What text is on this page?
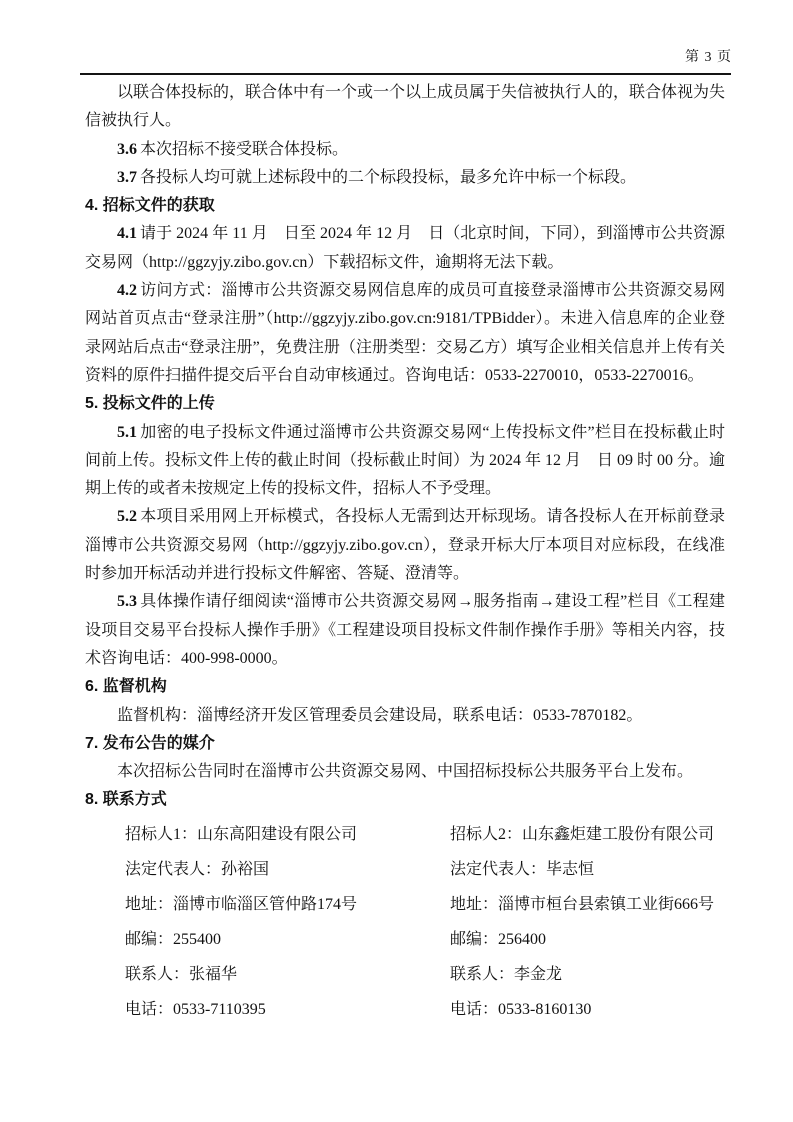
第 3 页

以联合体投标的，联合体中有一个或一个以上成员属于失信被执行人的，联合体视为失信被执行人。

3.6 本次招标不接受联合体投标。

3.7 各投标人均可就上述标段中的二个标段投标，最多允许中标一个标段。

4. 招标文件的获取

4.1 请于 2024 年 11 月　日至 2024 年 12 月　日（北京时间，下同），到淄博市公共资源交易网（http://ggzyjy.zibo.gov.cn）下载招标文件，逾期将无法下载。

4.2 访问方式：淄博市公共资源交易网信息库的成员可直接登录淄博市公共资源交易网网站首页点击“登录注册”（http://ggzyjy.zibo.gov.cn:9181/TPBidder）。未进入信息库的企业登录网站后点击“登录注册”，免费注册（注册类型：交易乙方）填写企业相关信息并上传有关资料的原件扫描件提交后平台自动审核通过。咨询电话：0533-2270010，0533-2270016。

5. 投标文件的上传

5.1 加密的电子投标文件通过淄博市公共资源交易网“上传投标文件”栏目在投标截止时间前上传。投标文件上传的截止时间（投标截止时间）为 2024 年 12 月　日 09 时 00 分。逾期上传的或者未按规定上传的投标文件，招标人不予受理。

5.2 本项目采用网上开标模式，各投标人无需到达开标现场。请各投标人在开标前登录淄博市公共资源交易网（http://ggzyjy.zibo.gov.cn），登录开标大厅本项目对应标段，在线准时参加开标活动并进行投标文件解密、答疑、澄清等。

5.3 具体操作请仔细阅读“淄博市公共资源交易网→服务指南→建设工程”栏目《工程建设项目交易平台投标人操作手册》《工程建设项目投标文件制作操作手册》等相关内容，技术咨询电话：400-998-0000。

6. 监督机构

监督机构：淄博经济开发区管理委员会建设局，联系电话：0533-7870182。

7. 发布公告的媒介

本次招标公告同时在淄博市公共资源交易网、中国招标投标公共服务平台上发布。

8. 联系方式

招标人1：山东高阳建设有限公司

法定代表人：孙裕国

地址：淄博市临淄区管仲路174号

邮编：255400

联系人：张福华

电话：0533-7110395

招标人2：山东鑫炬建工股份有限公司

法定代表人：毕志恒

地址：淄博市桓台县索镇工业街666号

邮编：256400

联系人：李金龙

电话：0533-8160130
